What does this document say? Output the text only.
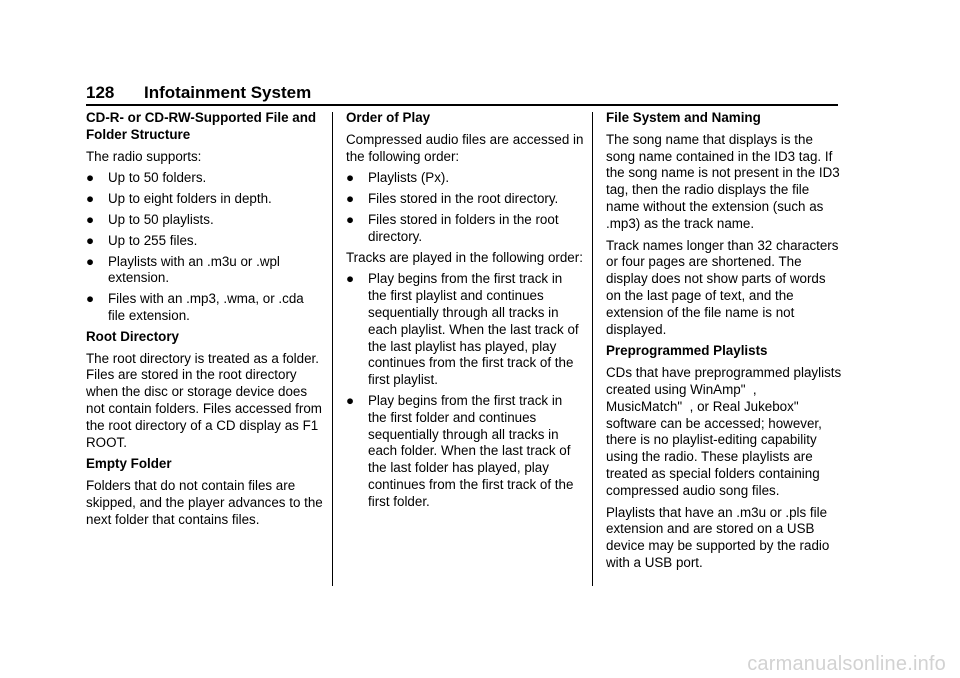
128 Infotainment System
CD-R- or CD-RW-Supported File and Folder Structure

The radio supports:

● Up to 50 folders.
● Up to eight folders in depth.
● Up to 50 playlists.
● Up to 255 files.
● Playlists with an .m3u or .wpl extension.
● Files with an .mp3, .wma, or .cda file extension.
Root Directory

The root directory is treated as a folder. Files are stored in the root directory when the disc or storage device does not contain folders. Files accessed from the root directory of a CD display as F1 ROOT.

Empty Folder

Folders that do not contain files are skipped, and the player advances to the next folder that contains files.

Order of Play

Compressed audio files are accessed in the following order:

● Playlists (Px).
● Files stored in the root directory.
● Files stored in folders in the root directory.

Tracks are played in the following order:

● Play begins from the first track in the first playlist and continues sequentially through all tracks in each playlist. When the last track of the last playlist has played, play continues from the first track of the first playlist.
● Play begins from the first track in the first folder and continues sequentially through all tracks in each folder. When the last track of the last folder has played, play continues from the first track of the first folder.
File System and Naming

The song name that displays is the song name contained in the ID3 tag. If the song name is not present in the ID3 tag, then the radio displays the file name without the extension (such as .mp3) as the track name.

Track names longer than 32 characters or four pages are shortened. The display does not show parts of words on the last page of text, and the extension of the file name is not displayed.

Preprogrammed Playlists

CDs that have preprogrammed playlists created using WinAmp"  , MusicMatch"  , or Real Jukebox" software can be accessed; however, there is no playlist-editing capability using the radio. These playlists are treated as special folders containing compressed audio song files.

Playlists that have an .m3u or .pls file extension and are stored on a USB device may be supported by the radio with a USB port.

carmanualsonline.info
